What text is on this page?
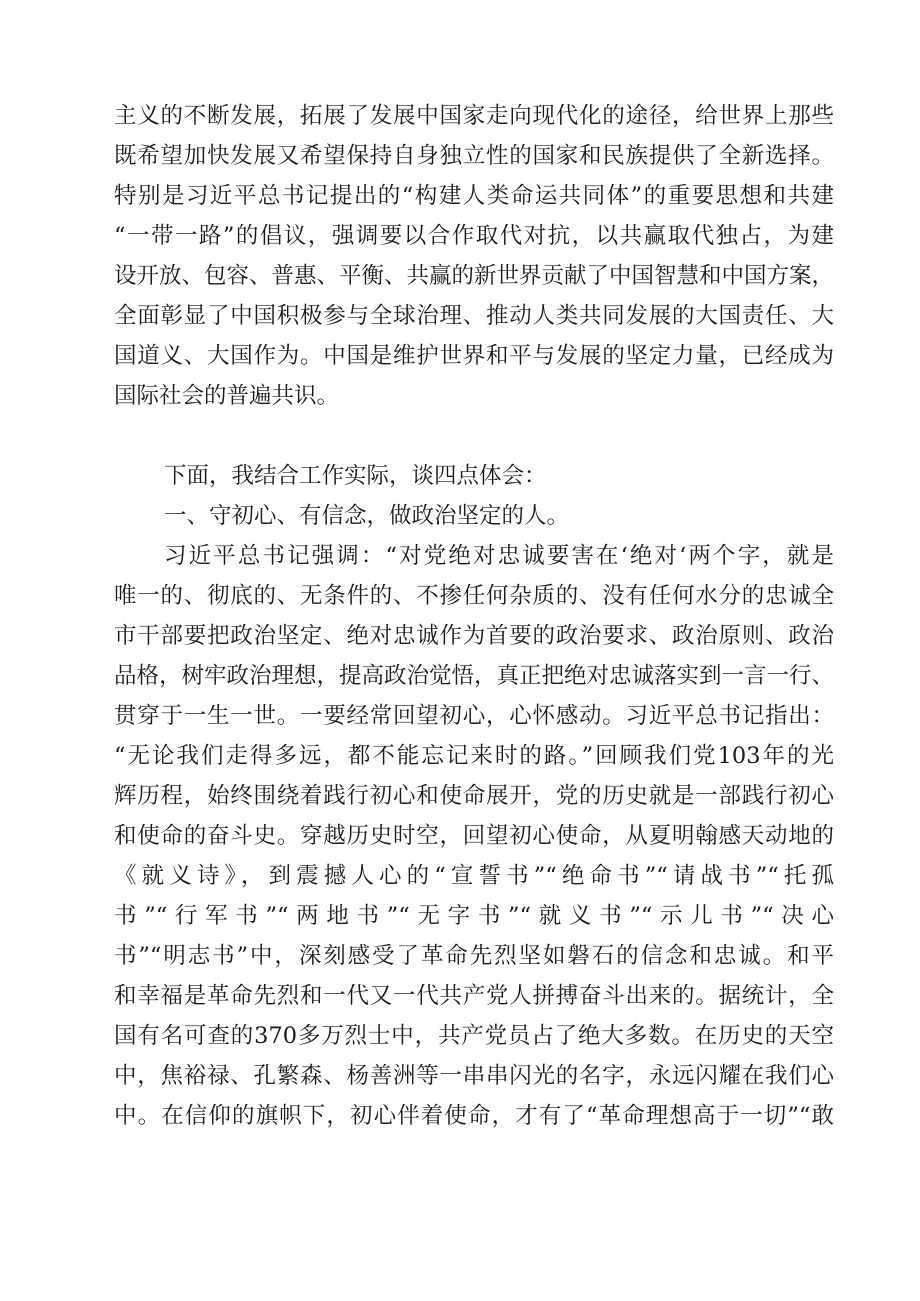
主义的不断发展，拓展了发展中国家走向现代化的途径，给世界上那些
既希望加快发展又希望保持自身独立性的国家和民族提供了全新选择。
特别是习近平总书记提出的“构建人类命运共同体”的重要思想和共建
“一带一路”的倡议，强调要以合作取代对抗，以共赢取代独占，为建
设开放、包容、普惠、平衡、共赢的新世界贡献了中国智慧和中国方案，
全面彰显了中国积极参与全球治理、推动人类共同发展的大国责任、大
国道义、大国作为。中国是维护世界和平与发展的坚定力量，已经成为
国际社会的普遍共识。
下面，我结合工作实际，谈四点体会：
一、守初心、有信念，做政治坚定的人。
习近平总书记强调：“对党绝对忠诚要害在‘绝对‘两个字，就是
唯一的、彻底的、无条件的、不掺任何杂质的、没有任何水分的忠诚全
市干部要把政治坚定、绝对忠诚作为首要的政治要求、政治原则、政治
品格，树牢政治理想，提高政治觉悟，真正把绝对忠诚落实到一言一行、
贯穿于一生一世。一要经常回望初心，心怀感动。习近平总书记指出：
“无论我们走得多远，都不能忘记来时的路。”回顾我们党103年的光
辉历程，始终围绕着践行初心和使命展开，党的历史就是一部践行初心
和使命的奋斗史。穿越历史时空，回望初心使命，从夏明翰感天动地的
《就义诗》，到震撼人心的“宣誓书”“绝命书”“请战书”“托孤
书”“行军书”“两地书”“无字书”“就义书”“示儿书”“决心
书”“明志书”中，深刻感受了革命先烈坚如磐石的信念和忠诚。和平
和幸福是革命先烈和一代又一代共产党人拼搏奋斗出来的。据统计，全
国有名可查的370多万烈士中，共产党员占了绝大多数。在历史的天空
中，焦裕禄、孔繁森、杨善洲等一串串闪光的名字，永远闪耀在我们心
中。在信仰的旗帜下，初心伴着使命，才有了“革命理想高于一切”“敢
